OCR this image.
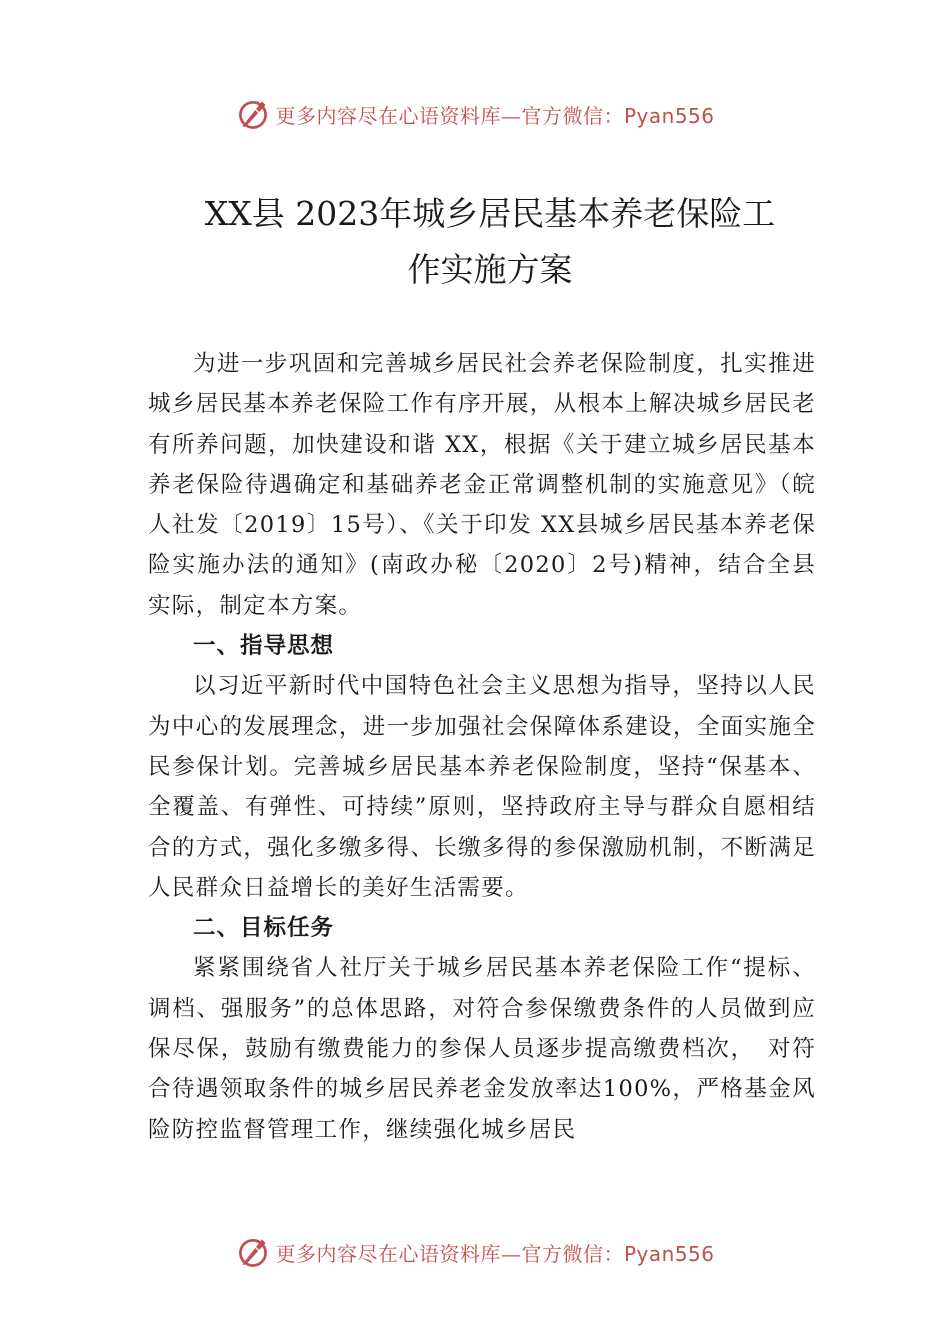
更多内容尽在心语资料库—官方微信：Pyan556
XX县 2023年城乡居民基本养老保险工
作实施方案

为进一步巩固和完善城乡居民社会养老保险制度，扎实推进城乡居民基本养老保险工作有序开展，从根本上解决城乡居民老有所养问题，加快建设和谐 XX，根据《关于建立城乡居民基本养老保险待遇确定和基础养老金正常调整机制的实施意见》（皖人社发〔2019〕15号）、《关于印发 XX县城乡居民基本养老保险实施办法的通知》(南政办秘〔2020〕2号)精神，结合全县实际，制定本方案。

一、指导思想

以习近平新时代中国特色社会主义思想为指导，坚持以人民为中心的发展理念，进一步加强社会保障体系建设，全面实施全民参保计划。完善城乡居民基本养老保险制度，坚持“保基本、全覆盖、有弹性、可持续”原则，坚持政府主导与群众自愿相结合的方式，强化多缴多得、长缴多得的参保激励机制，不断满足人民群众日益增长的美好生活需要。

二、目标任务

紧紧围绕省人社厅关于城乡居民基本养老保险工作“提标、调档、强服务”的总体思路，对符合参保缴费条件的人员做到应保尽保，鼓励有缴费能力的参保人员逐步提高缴费档次，　对符合待遇领取条件的城乡居民养老金发放率达100%，严格基金风险防控监督管理工作，继续强化城乡居民

更多内容尽在心语资料库—官方微信：Pyan556
